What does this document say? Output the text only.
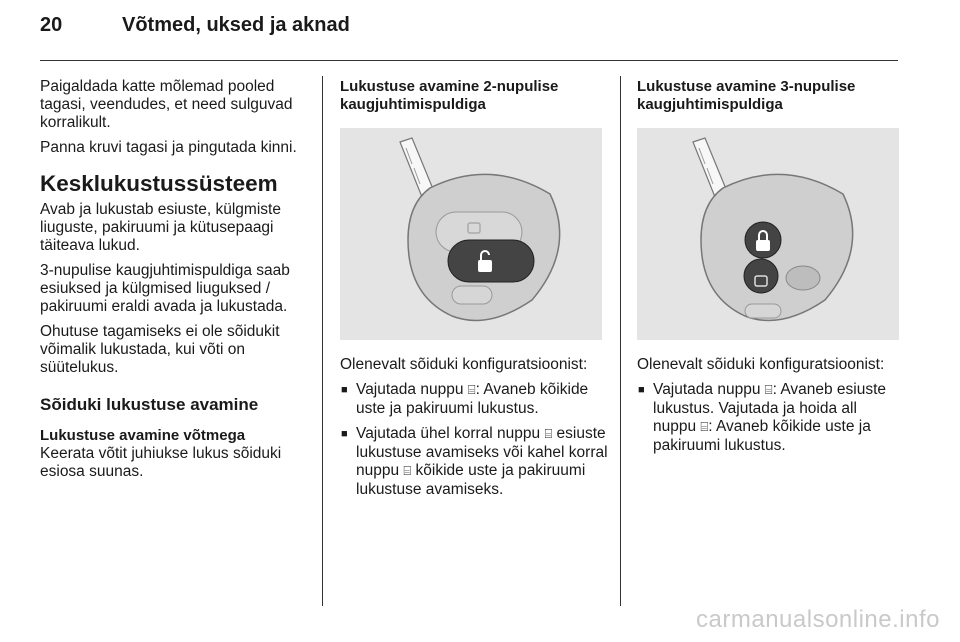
20	Võtmed, uksed ja aknad

Paigaldada katte mõlemad pooled tagasi, veendudes, et need sulguvad korralikult.

Panna kruvi tagasi ja pingutada kinni.

Kesklukustussüsteem

Avab ja lukustab esiuste, külgmiste liuguste, pakiruumi ja kütusepaagi täiteava lukud.

3-nupulise kaugjuhtimispuldiga saab esiuksed ja külgmised liuguksed / pakiruumi eraldi avada ja lukustada.

Ohutuse tagamiseks ei ole sõidukit võimalik lukustada, kui võti on süütelukus.

Sõiduki lukustuse avamine
Lukustuse avamine võtmega

Keerata võtit juhiukse lukus sõiduki esiosa suunas.

Lukustuse avamine 2-nupulise kaugjuhtimispuldiga

Olenevalt sõiduki konfiguratsioonist:

■ Vajutada nuppu ⌸: Avaneb kõikide uste ja pakiruumi lukustus.
■ Vajutada ühel korral nuppu ⌸ esiuste lukustuse avamiseks või kahel korral nuppu ⌸ kõikide uste ja pakiruumi lukustuse avamiseks.
Lukustuse avamine 3-nupulise kaugjuhtimispuldiga

Olenevalt sõiduki konfiguratsioonist:

■ Vajutada nuppu ⌸: Avaneb esiuste lukustus. Vajutada ja hoida all nuppu ⌸: Avaneb kõikide uste ja pakiruumi lukustus.
carmanualsonline.info
